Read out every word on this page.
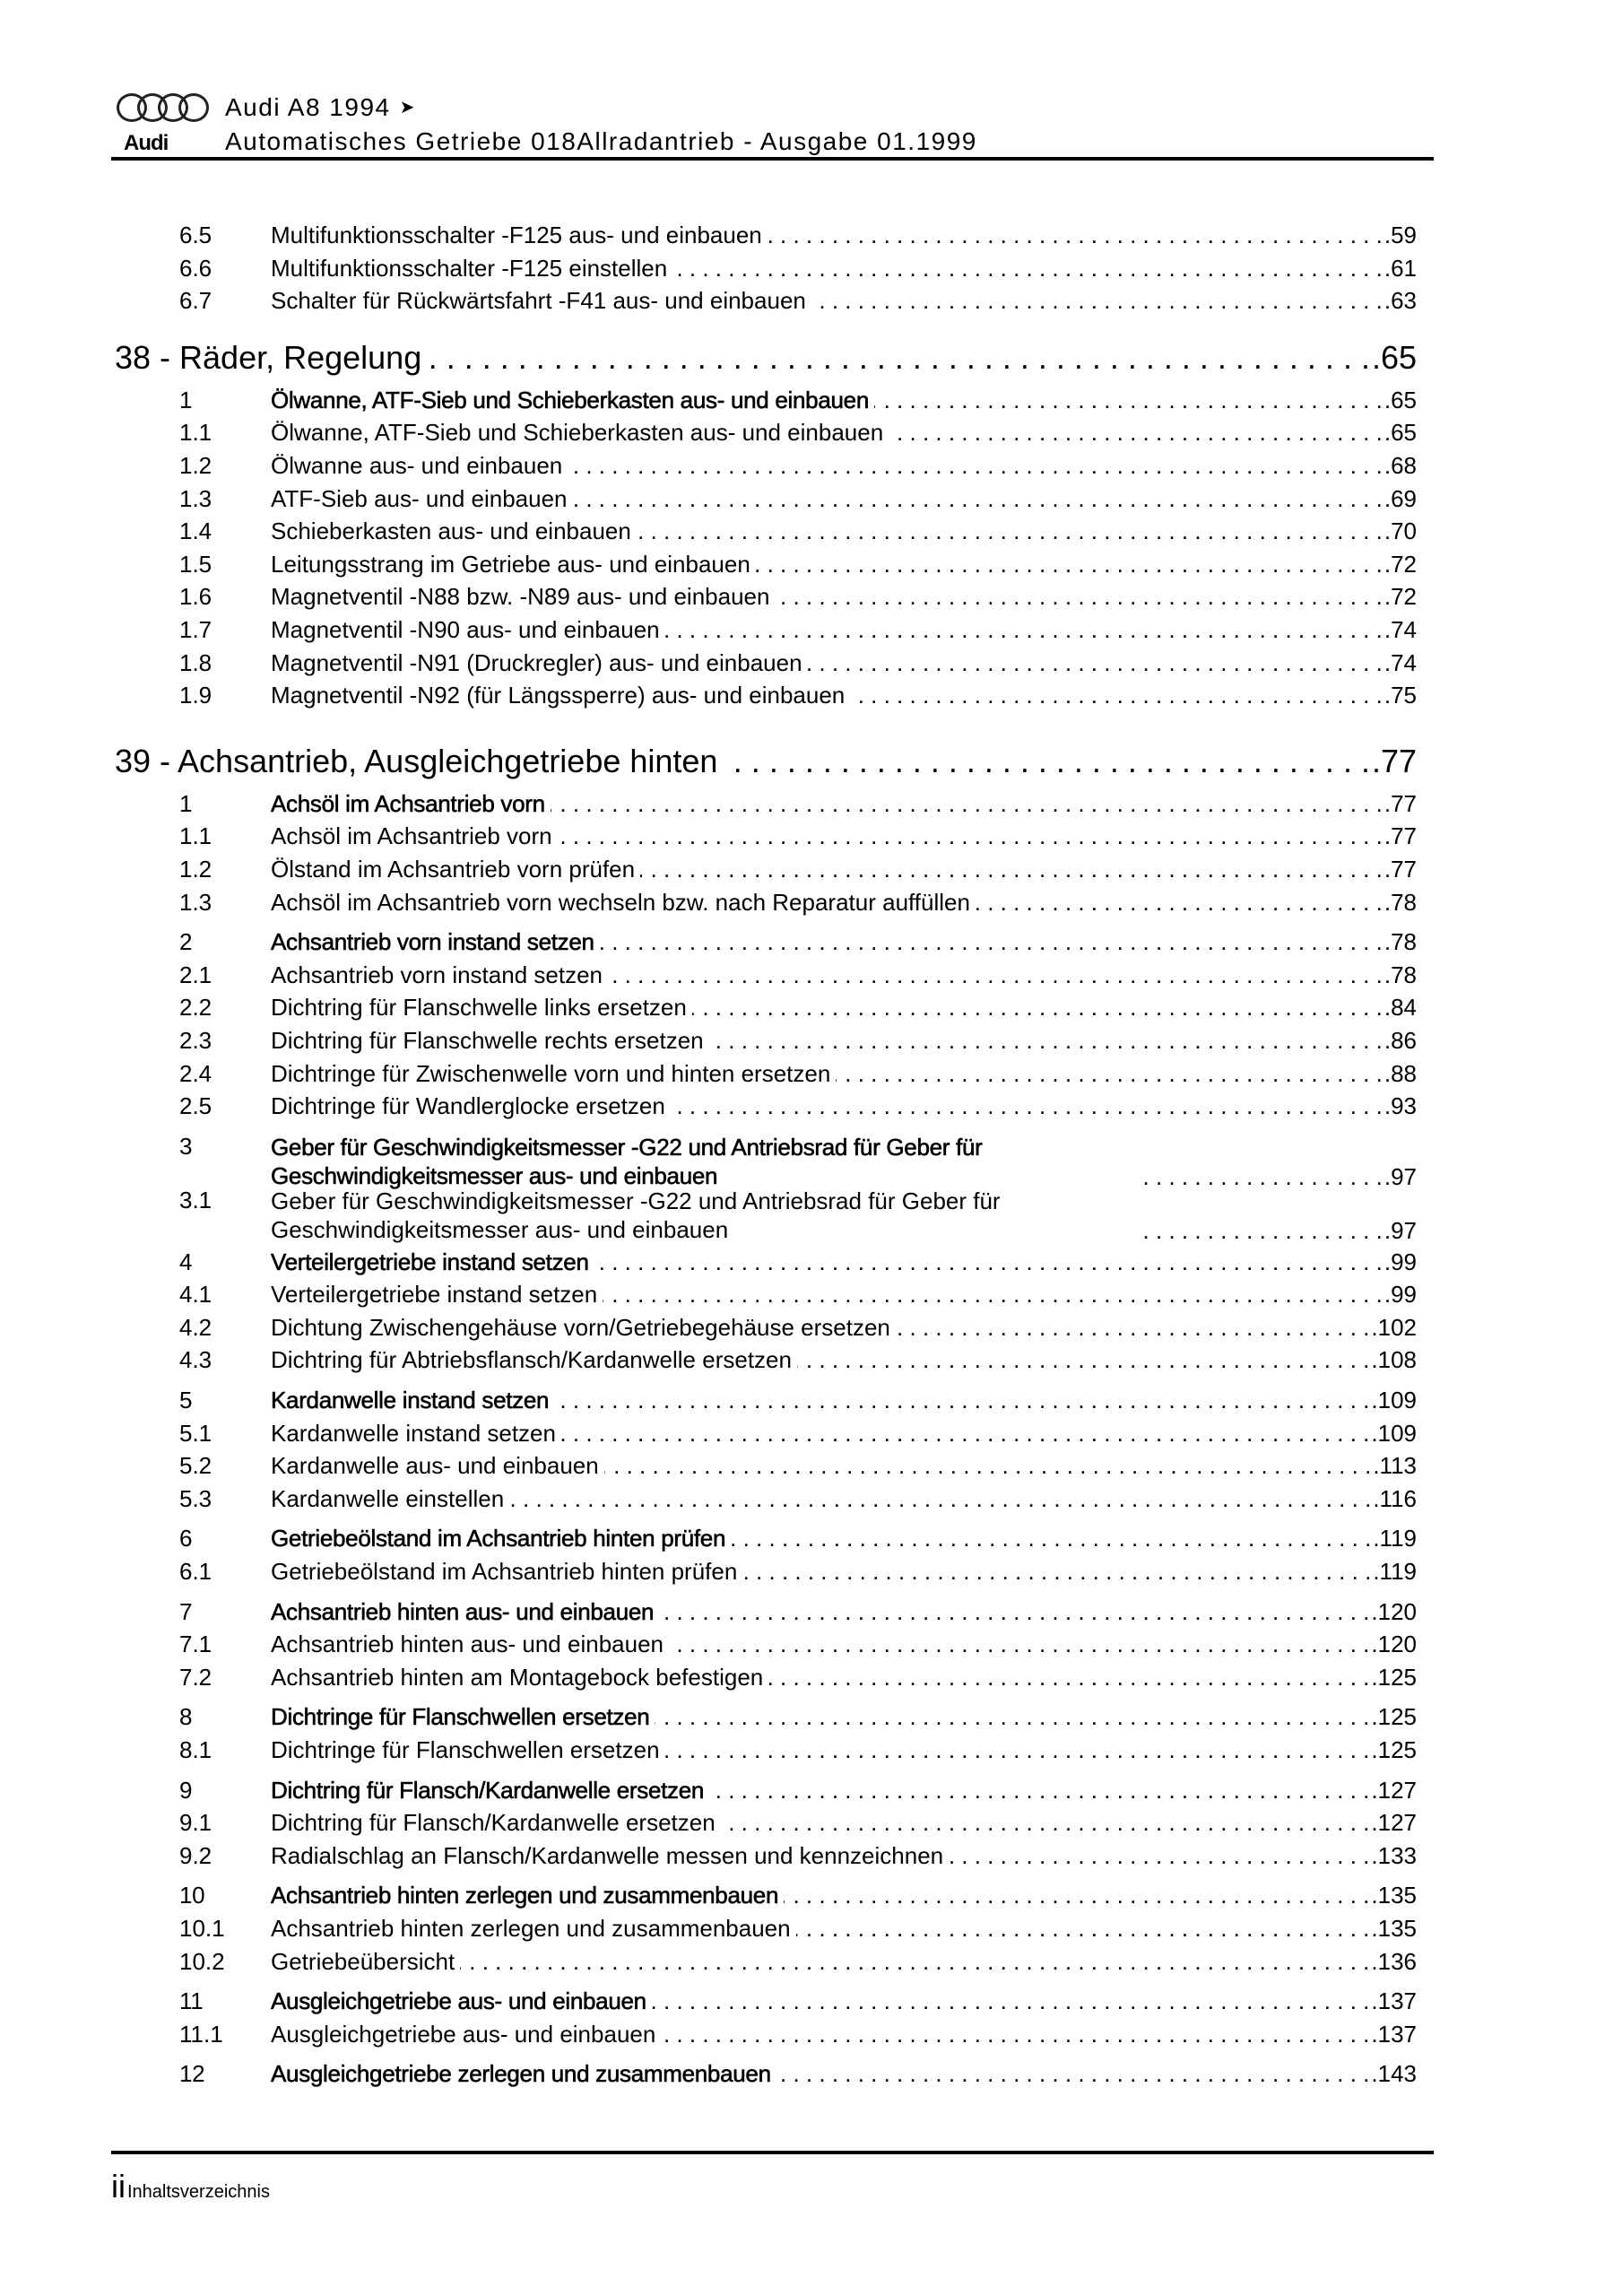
Audi
Audi A8 1994 ➤
Automatisches Getriebe 018Allradantrieb - Ausgabe 01.1999
6.5	Multifunktionsschalter -F125 aus- und einbauen . . .	.59
6.6	Multifunktionsschalter -F125 einstellen . . .	.61
6.7	Schalter für Rückwärtsfahrt -F41 aus- und einbauen . . .	.63
38 - Räder, Regelung . . .	.65
1	Ölwanne, ATF-Sieb und Schieberkasten aus- und einbauen . . .	.65
1.1	Ölwanne, ATF-Sieb und Schieberkasten aus- und einbauen . . .	.65
1.2	Ölwanne aus- und einbauen . . .	.68
1.3	ATF-Sieb aus- und einbauen . . .	.69
1.4	Schieberkasten aus- und einbauen . . .	.70
1.5	Leitungsstrang im Getriebe aus- und einbauen . . .	.72
1.6	Magnetventil -N88 bzw. -N89 aus- und einbauen . . .	.72
1.7	Magnetventil -N90 aus- und einbauen . . .	.74
1.8	Magnetventil -N91 (Druckregler) aus- und einbauen . . .	.74
1.9	Magnetventil -N92 (für Längssperre) aus- und einbauen . . .	.75
39 - Achsantrieb, Ausgleichgetriebe hinten . . .	.77
1	Achsöl im Achsantrieb vorn . . .	.77
1.1	Achsöl im Achsantrieb vorn . . .	.77
1.2	Ölstand im Achsantrieb vorn prüfen . . .	.77
1.3	Achsöl im Achsantrieb vorn wechseln bzw. nach Reparatur auffüllen . . .	.78
2	Achsantrieb vorn instand setzen . . .	.78
2.1	Achsantrieb vorn instand setzen . . .	.78
2.2	Dichtring für Flanschwelle links ersetzen . . .	.84
2.3	Dichtring für Flanschwelle rechts ersetzen . . .	.86
2.4	Dichtringe für Zwischenwelle vorn und hinten ersetzen . . .	.88
2.5	Dichtringe für Wandlerglocke ersetzen . . .	.93
3	Geber für Geschwindigkeitsmesser -G22 und Antriebsrad für Geber für Geschwindigkeitsmesser aus- und einbauen . . .	.97
3.1	Geber für Geschwindigkeitsmesser -G22 und Antriebsrad für Geber für Geschwindigkeitsmesser aus- und einbauen . . .	.97
4	Verteilergetriebe instand setzen . . .	.99
4.1	Verteilergetriebe instand setzen . . .	.99
4.2	Dichtung Zwischengehäuse vorn/Getriebegehäuse ersetzen . . .	.102
4.3	Dichtring für Abtriebsflansch/Kardanwelle ersetzen . . .	.108
5	Kardanwelle instand setzen . . .	.109
5.1	Kardanwelle instand setzen . . .	.109
5.2	Kardanwelle aus- und einbauen . . .	.113
5.3	Kardanwelle einstellen . . .	.116
6	Getriebeölstand im Achsantrieb hinten prüfen . . .	.119
6.1	Getriebeölstand im Achsantrieb hinten prüfen . . .	.119
7	Achsantrieb hinten aus- und einbauen . . .	.120
7.1	Achsantrieb hinten aus- und einbauen . . .	.120
7.2	Achsantrieb hinten am Montagebock befestigen . . .	.125
8	Dichtringe für Flanschwellen ersetzen . . .	.125
8.1	Dichtringe für Flanschwellen ersetzen . . .	.125
9	Dichtring für Flansch/Kardanwelle ersetzen . . .	.127
9.1	Dichtring für Flansch/Kardanwelle ersetzen . . .	.127
9.2	Radialschlag an Flansch/Kardanwelle messen und kennzeichnen . . .	.133
10	Achsantrieb hinten zerlegen und zusammenbauen . . .	.135
10.1	Achsantrieb hinten zerlegen und zusammenbauen . . .	.135
10.2	Getriebeübersicht . . .	.136
11	Ausgleichgetriebe aus- und einbauen . . .	.137
11.1	Ausgleichgetriebe aus- und einbauen . . .	.137
12	Ausgleichgetriebe zerlegen und zusammenbauen . . .	.143
ii Inhaltsverzeichnis
